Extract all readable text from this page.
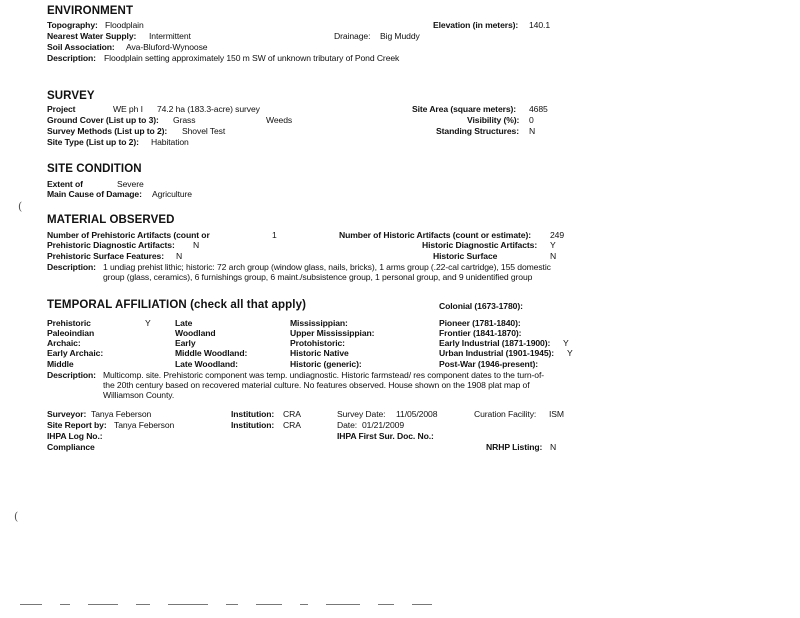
ENVIRONMENT
Topography: Floodplain	Elevation (in meters): 140.1
Nearest Water Supply: Intermittent	Drainage: Big Muddy
Soil Association: Ava-Bluford-Wynoose
Description: Floodplain setting approximately 150 m SW of unknown tributary of Pond Creek
SURVEY
Project	WE ph I 74.2 ha (183.3-acre) survey	Site Area (square meters): 4685
Ground Cover (List up to 3): Grass	Weeds	Visibility (%): 0
Survey Methods (List up to 2): Shovel Test	Standing Structures: N
Site Type (List up to 2): Habitation
SITE CONDITION
Extent of	Severe
Main Cause of Damage: Agriculture
MATERIAL OBSERVED
Number of Prehistoric Artifacts (count or	1	Number of Historic Artifacts (count or estimate): 249
Prehistoric Diagnostic Artifacts: N	Historic Diagnostic Artifacts: Y
Prehistoric Surface Features: N	Historic Surface	N
Description: 1 undiag prehist lithic; historic: 72 arch group (window glass, nails, bricks), 1 arms group (.22-cal cartridge), 155 domestic group (glass, ceramics), 6 furnishings group, 6 maint./subsistence group, 1 personal group, and 9 unidentified group
TEMPORAL AFFILIATION (check all that apply)	Colonial (1673-1780):
Prehistoric	Y	Late	Mississippian:	Pioneer (1781-1840):
Paleoindian	Woodland	Upper Mississippian:	Frontier (1841-1870):
Archaic:	Early	Protohistoric:	Early Industrial (1871-1900): Y
Early Archaic:	Middle Woodland:	Historic Native	Urban Industrial (1901-1945): Y
Middle	Late Woodland:	Historic (generic):	Post-War (1946-present):
Description: Multicomp. site. Prehistoric component was temp. undiagnostic. Historic farmstead/ res component dates to the turn-of-the 20th century based on recovered material culture. No features observed. House shown on the 1908 plat map of Williamson County.
Surveyor: Tanya Feberson	Institution: CRA	Survey Date: 11/05/2008	Curation Facility: ISM
Site Report by: Tanya Feberson	Institution: CRA	Date: 01/21/2009
IHPA Log No.:	IHPA First Sur. Doc. No.:
Compliance	NRHP Listing: N
(
(
